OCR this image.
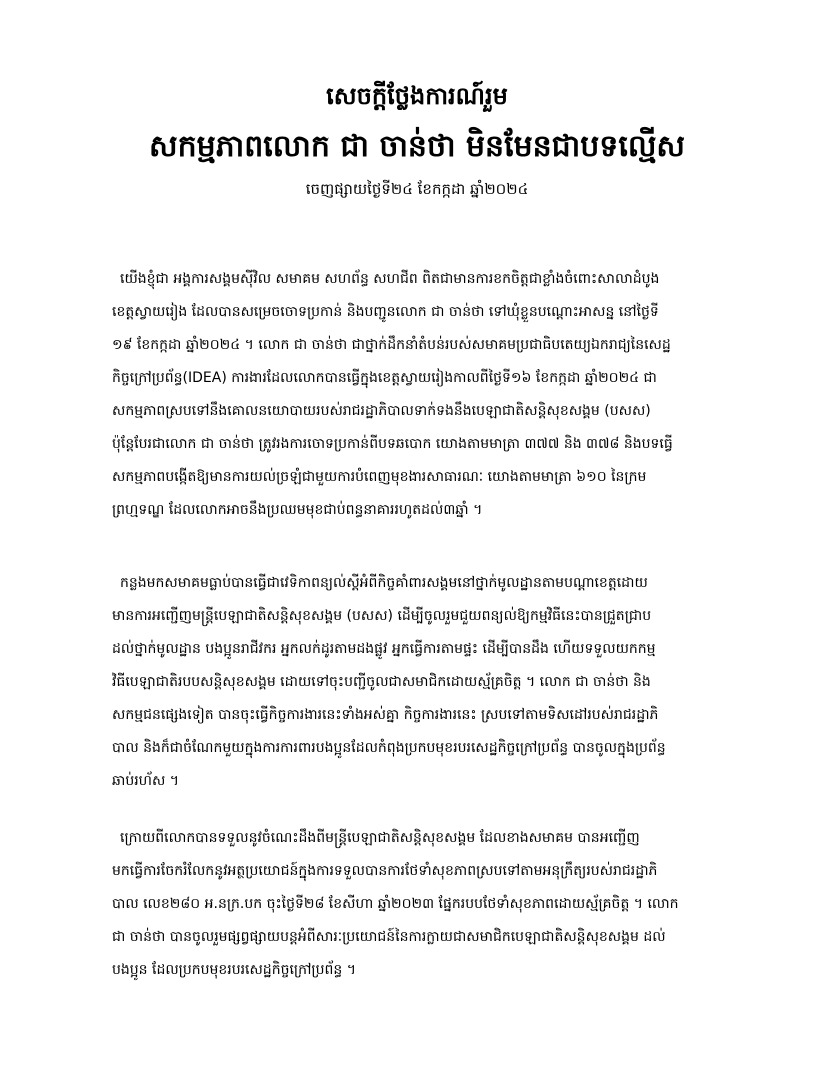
សេចក្តីថ្លែងការណ៍រួម
សកម្មភាពលោក ជា ចាន់ថា មិនមែនជាបទល្មើស
ចេញផ្សាយថ្ងៃទី២៤ ខែកក្កដា ឆ្នាំ២០២៤
យើងខ្ញុំជា អង្គការសង្គមស៊ីវិល សមាគម សហព័ន្ធ សហជីព ពិតជាមានការខកចិត្តជាខ្លាំងចំពោះសាលាដំបូង
ខេត្តស្វាយរៀង ដែលបានសម្រេចចោទប្រកាន់ និងបញ្ជូនលោក ជា ចាន់ថា ទៅឃុំខ្លួនបណ្ដោះអាសន្ន នៅថ្ងៃទី
១៩ ខែកក្កដា ឆ្នាំ២០២៤ ។ លោក ជា ចាន់ថា ជាថ្នាក់ដឹកនាំតំបន់របស់សមាគមប្រជាធិបតេយ្យឯករាជ្យនៃសេដ្ឋ
កិច្ចក្រៅប្រព័ន្ធ(IDEA) ការងារដែលលោកបានធ្វើក្នុងខេត្តស្វាយរៀងកាលពីថ្ងៃទី១៦ ខែកក្កដា ឆ្នាំ២០២៤ ជា
សកម្មភាពស្របទៅនឹងគោលនយោបាយរបស់រាជរដ្ឋាភិបាលទាក់ទងនឹងបេឡាជាតិសន្តិសុខសង្គម (បសស)
ប៉ុន្តែបែរជាលោក ជា ចាន់ថា ត្រូវរងការចោទប្រកាន់ពីបទឆបោក យោងតាមមាត្រា ៣៧៧ និង ៣៧៨ និងបទធ្វើ
សកម្មភាពបង្កើតឱ្យមានការយល់ច្រឡំជាមួយការបំពេញមុខងារសាធារណៈ យោងតាមមាត្រា ៦១០ នៃក្រម
ព្រហ្មទណ្ឌ ដែលលោកអាចនឹងប្រឈមមុខជាប់ពន្ធនាគាររហូតដល់៣ឆ្នាំ ។
កន្លងមកសមាគមធ្លាប់បានធ្វើជាវេទិកាពន្យល់ស្តីអំពីកិច្ចគាំពារសង្គមនៅថ្នាក់មូលដ្ឋានតាមបណ្ដាខេត្តដោយ
មានការអញ្ជើញមន្ត្រីបេឡាជាតិសន្តិសុខសង្គម (បសស) ដើម្បីចូលរួមជួយពន្យល់ឱ្យកម្មវិធីនេះបានជ្រួតជ្រាប
ដល់ថ្នាក់មូលដ្ឋាន បងប្អូនរាជីវករ អ្នកលក់ដូរតាមដងផ្លូវ អ្នកធ្វើការតាមផ្ទះ ដើម្បីបានដឹង ហើយទទួលយកកម្ម
វិធីបេឡាជាតិរបបសន្តិសុខសង្គម ដោយទៅចុះបញ្ជីចូលជាសមាជិកដោយស្ម័គ្រចិត្ត ។ លោក ជា ចាន់ថា និង
សកម្មជនផ្សេងទៀត បានចុះធ្វើកិច្ចការងារនេះទាំងអស់គ្នា កិច្ចការងារនេះ ស្របទៅតាមទិសដៅរបស់រាជរដ្ឋាភិ
បាល និងក៏ជាចំណែកមួយក្នុងការការពារបងប្អូនដែលកំពុងប្រកបមុខរបរសេដ្ឋកិច្ចក្រៅប្រព័ន្ធ បានចូលក្នុងប្រព័ន្ធ
ឆាប់រហ័ស ។
ក្រោយពីលោកបានទទួលនូវចំណេះដឹងពីមន្ត្រីបេឡាជាតិសន្តិសុខសង្គម ដែលខាងសមាគម បានអញ្ជើញ
មកធ្វើការចែករំលែកនូវអត្ថប្រយោជន៍ក្នុងការទទួលបានការថែទាំសុខភាពស្របទៅតាមអនុក្រឹត្យរបស់រាជរដ្ឋាភិ
បាល លេខ២៨០ អ.នក្រ.បក ចុះថ្ងៃទី២៨ ខែសីហា ឆ្នាំ២០២៣ ផ្នែករបបថែទាំសុខភាពដោយស្ម័គ្រចិត្ត ។ លោក
ជា ចាន់ថា បានចូលរួមផ្សព្វផ្សាយបន្តអំពីសារៈប្រយោជន៍នៃការក្លាយជាសមាជិកបេឡាជាតិសន្តិសុខសង្គម ដល់
បងប្អូន ដែលប្រកបមុខរបរសេដ្ឋកិច្ចក្រៅប្រព័ន្ធ ។
